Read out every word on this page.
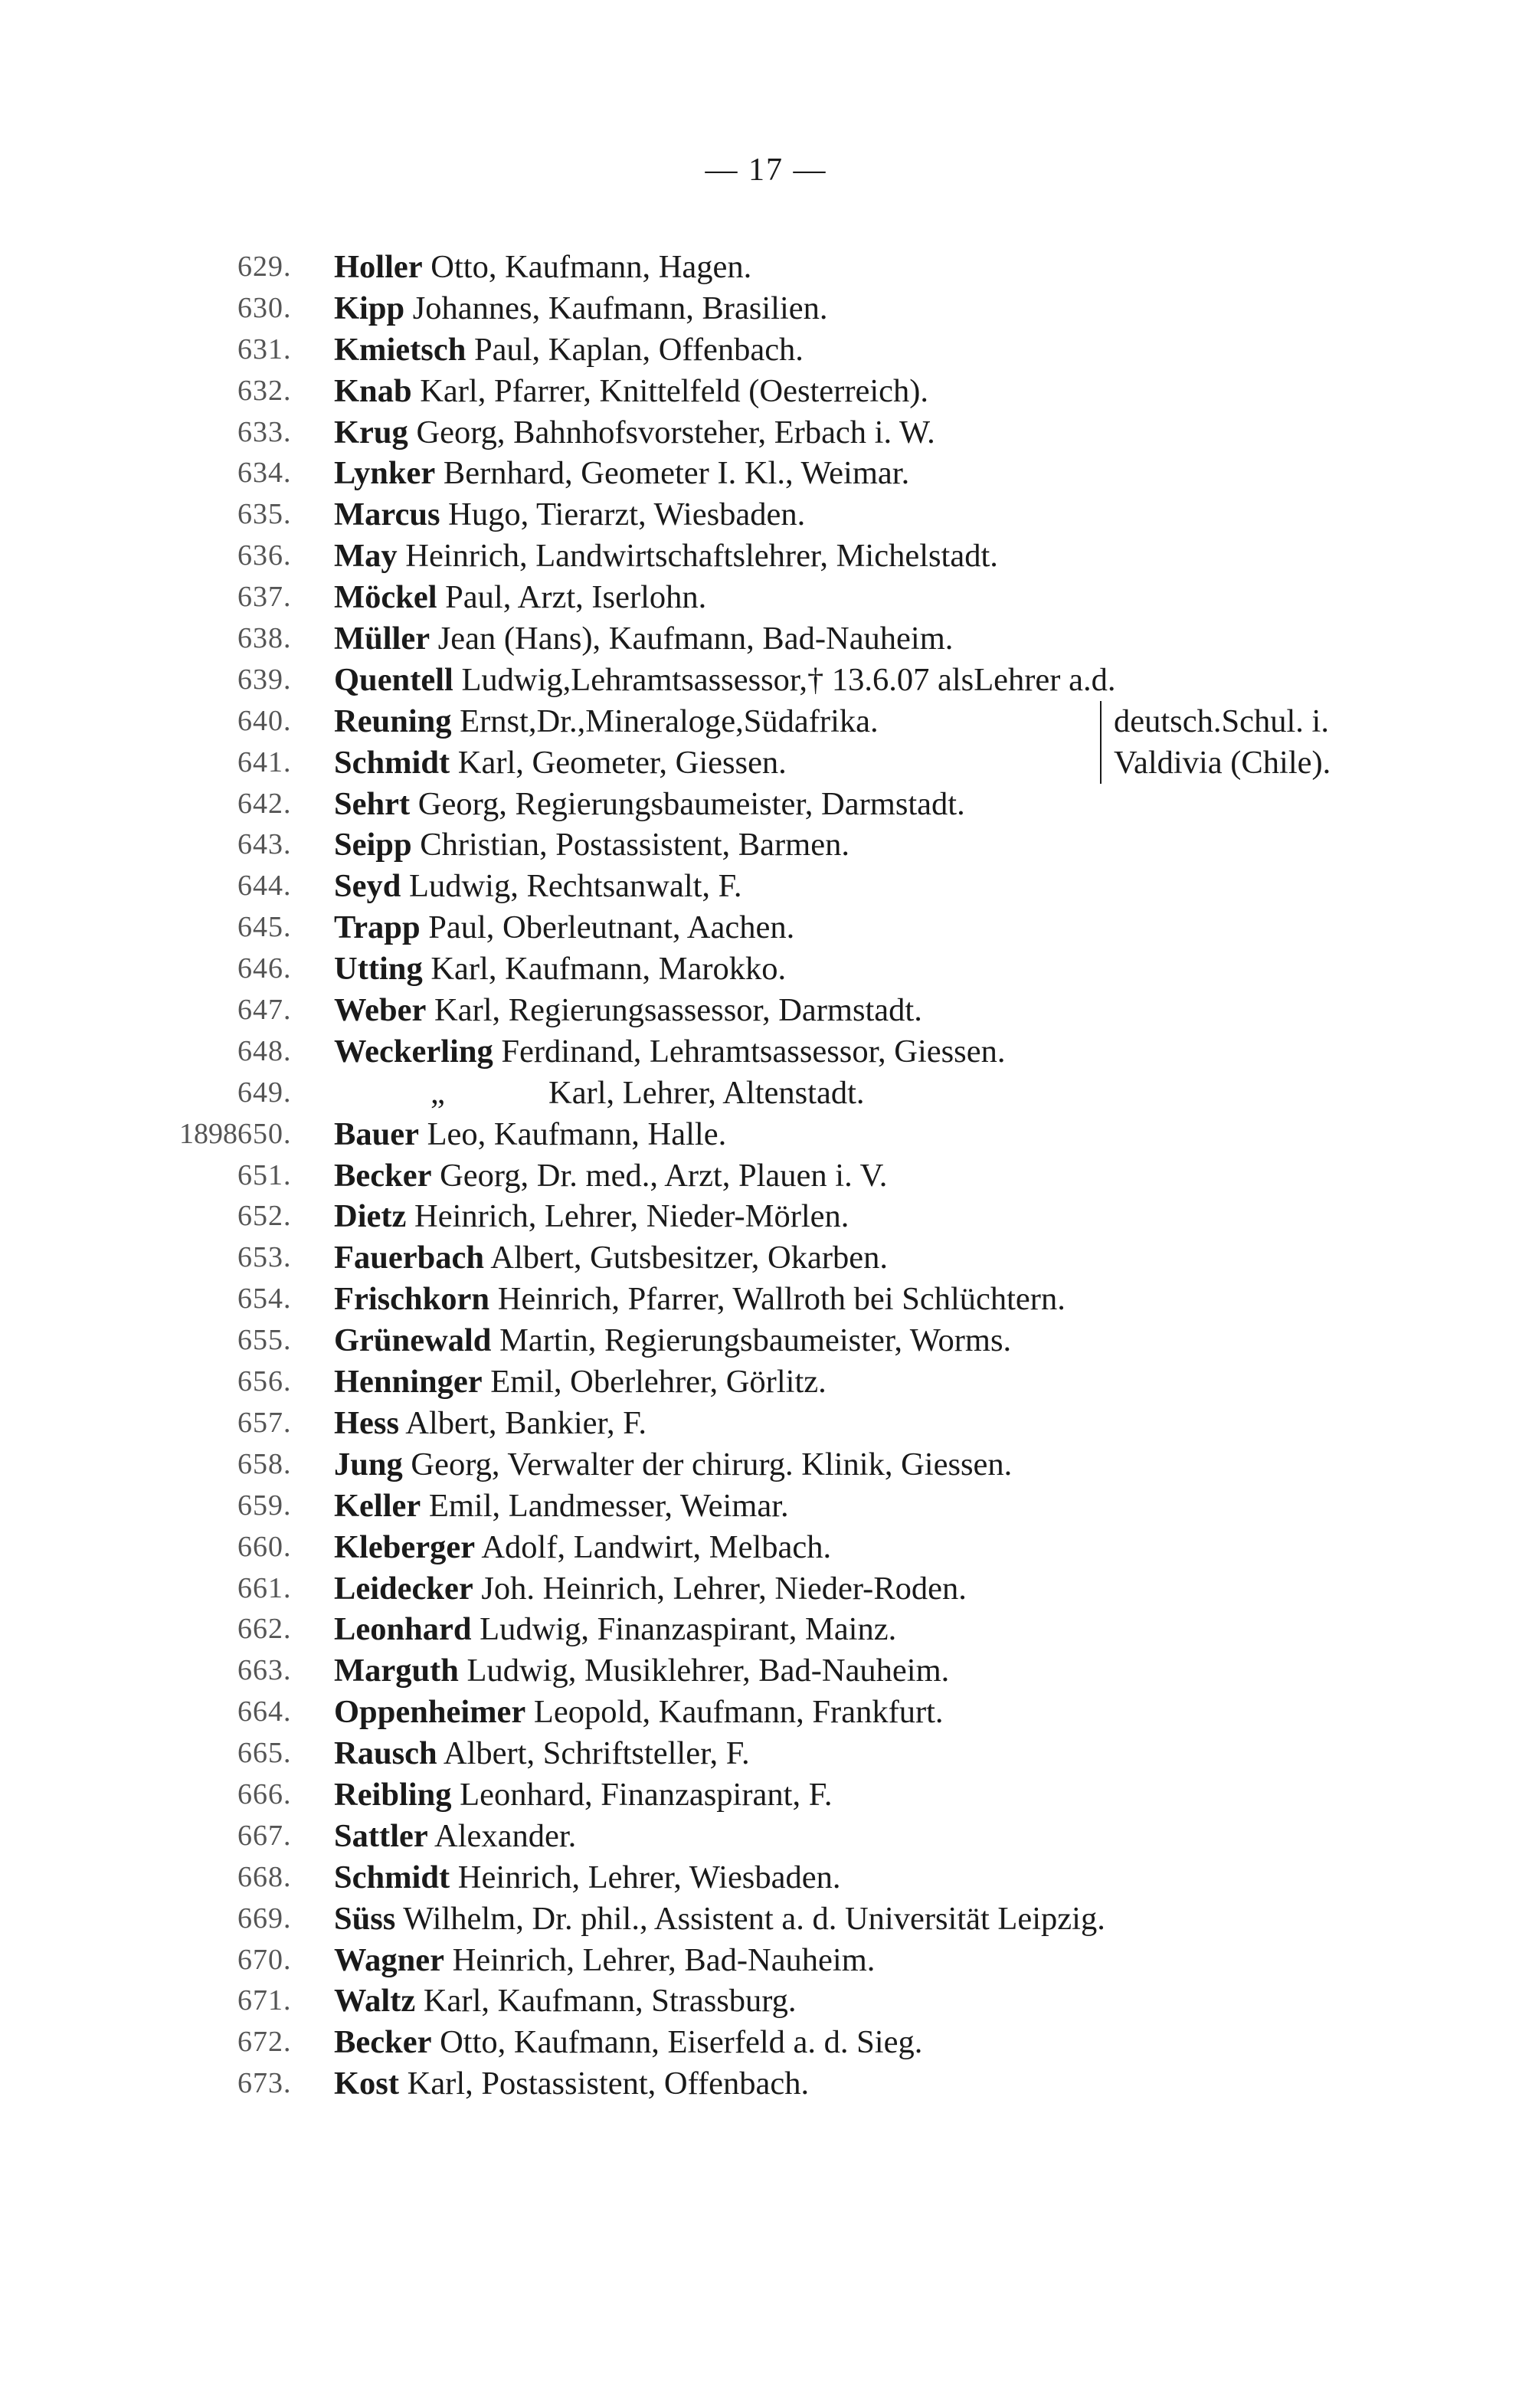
— 17 —
629.	Holler Otto, Kaufmann, Hagen.
630.	Kipp Johannes, Kaufmann, Brasilien.
631.	Kmietsch Paul, Kaplan, Offenbach.
632.	Knab Karl, Pfarrer, Knittelfeld (Oesterreich).
633.	Krug Georg, Bahnhofsvorsteher, Erbach i. W.
634.	Lynker Bernhard, Geometer I. Kl., Weimar.
635.	Marcus Hugo, Tierarzt, Wiesbaden.
636.	May Heinrich, Landwirtschaftslehrer, Michelstadt.
637.	Möckel Paul, Arzt, Iserlohn.
638.	Müller Jean (Hans), Kaufmann, Bad-Nauheim.
639.	Quentell Ludwig,Lehramtsassessor,† 13.6.07 alsLehrer a.d.
640.	Reuning Ernst,Dr.,Mineraloge,Südafrika.	deutsch.Schul. i.
641.	Schmidt Karl, Geometer, Giessen.	Valdivia (Chile).
642.	Sehrt Georg, Regierungsbaumeister, Darmstadt.
643.	Seipp Christian, Postassistent, Barmen.
644.	Seyd Ludwig, Rechtsanwalt, F.
645.	Trapp Paul, Oberleutnant, Aachen.
646.	Utting Karl, Kaufmann, Marokko.
647.	Weber Karl, Regierungsassessor, Darmstadt.
648.	Weckerling Ferdinand, Lehramtsassessor, Giessen.
649.	„	Karl, Lehrer, Altenstadt.
1898 650.	Bauer Leo, Kaufmann, Halle.
651.	Becker Georg, Dr. med., Arzt, Plauen i. V.
652.	Dietz Heinrich, Lehrer, Nieder-Mörlen.
653.	Fauerbach Albert, Gutsbesitzer, Okarben.
654.	Frischkorn Heinrich, Pfarrer, Wallroth bei Schlüchtern.
655.	Grünewald Martin, Regierungsbaumeister, Worms.
656.	Henninger Emil, Oberlehrer, Görlitz.
657.	Hess Albert, Bankier, F.
658.	Jung Georg, Verwalter der chirurg. Klinik, Giessen.
659.	Keller Emil, Landmesser, Weimar.
660.	Kleberger Adolf, Landwirt, Melbach.
661.	Leidecker Joh. Heinrich, Lehrer, Nieder-Roden.
662.	Leonhard Ludwig, Finanzaspirant, Mainz.
663.	Marguth Ludwig, Musiklehrer, Bad-Nauheim.
664.	Oppenheimer Leopold, Kaufmann, Frankfurt.
665.	Rausch Albert, Schriftsteller, F.
666.	Reibling Leonhard, Finanzaspirant, F.
667.	Sattler Alexander.
668.	Schmidt Heinrich, Lehrer, Wiesbaden.
669.	Süss Wilhelm, Dr. phil., Assistent a. d. Universität Leipzig.
670.	Wagner Heinrich, Lehrer, Bad-Nauheim.
671.	Waltz Karl, Kaufmann, Strassburg.
672.	Becker Otto, Kaufmann, Eiserfeld a. d. Sieg.
673.	Kost Karl, Postassistent, Offenbach.
